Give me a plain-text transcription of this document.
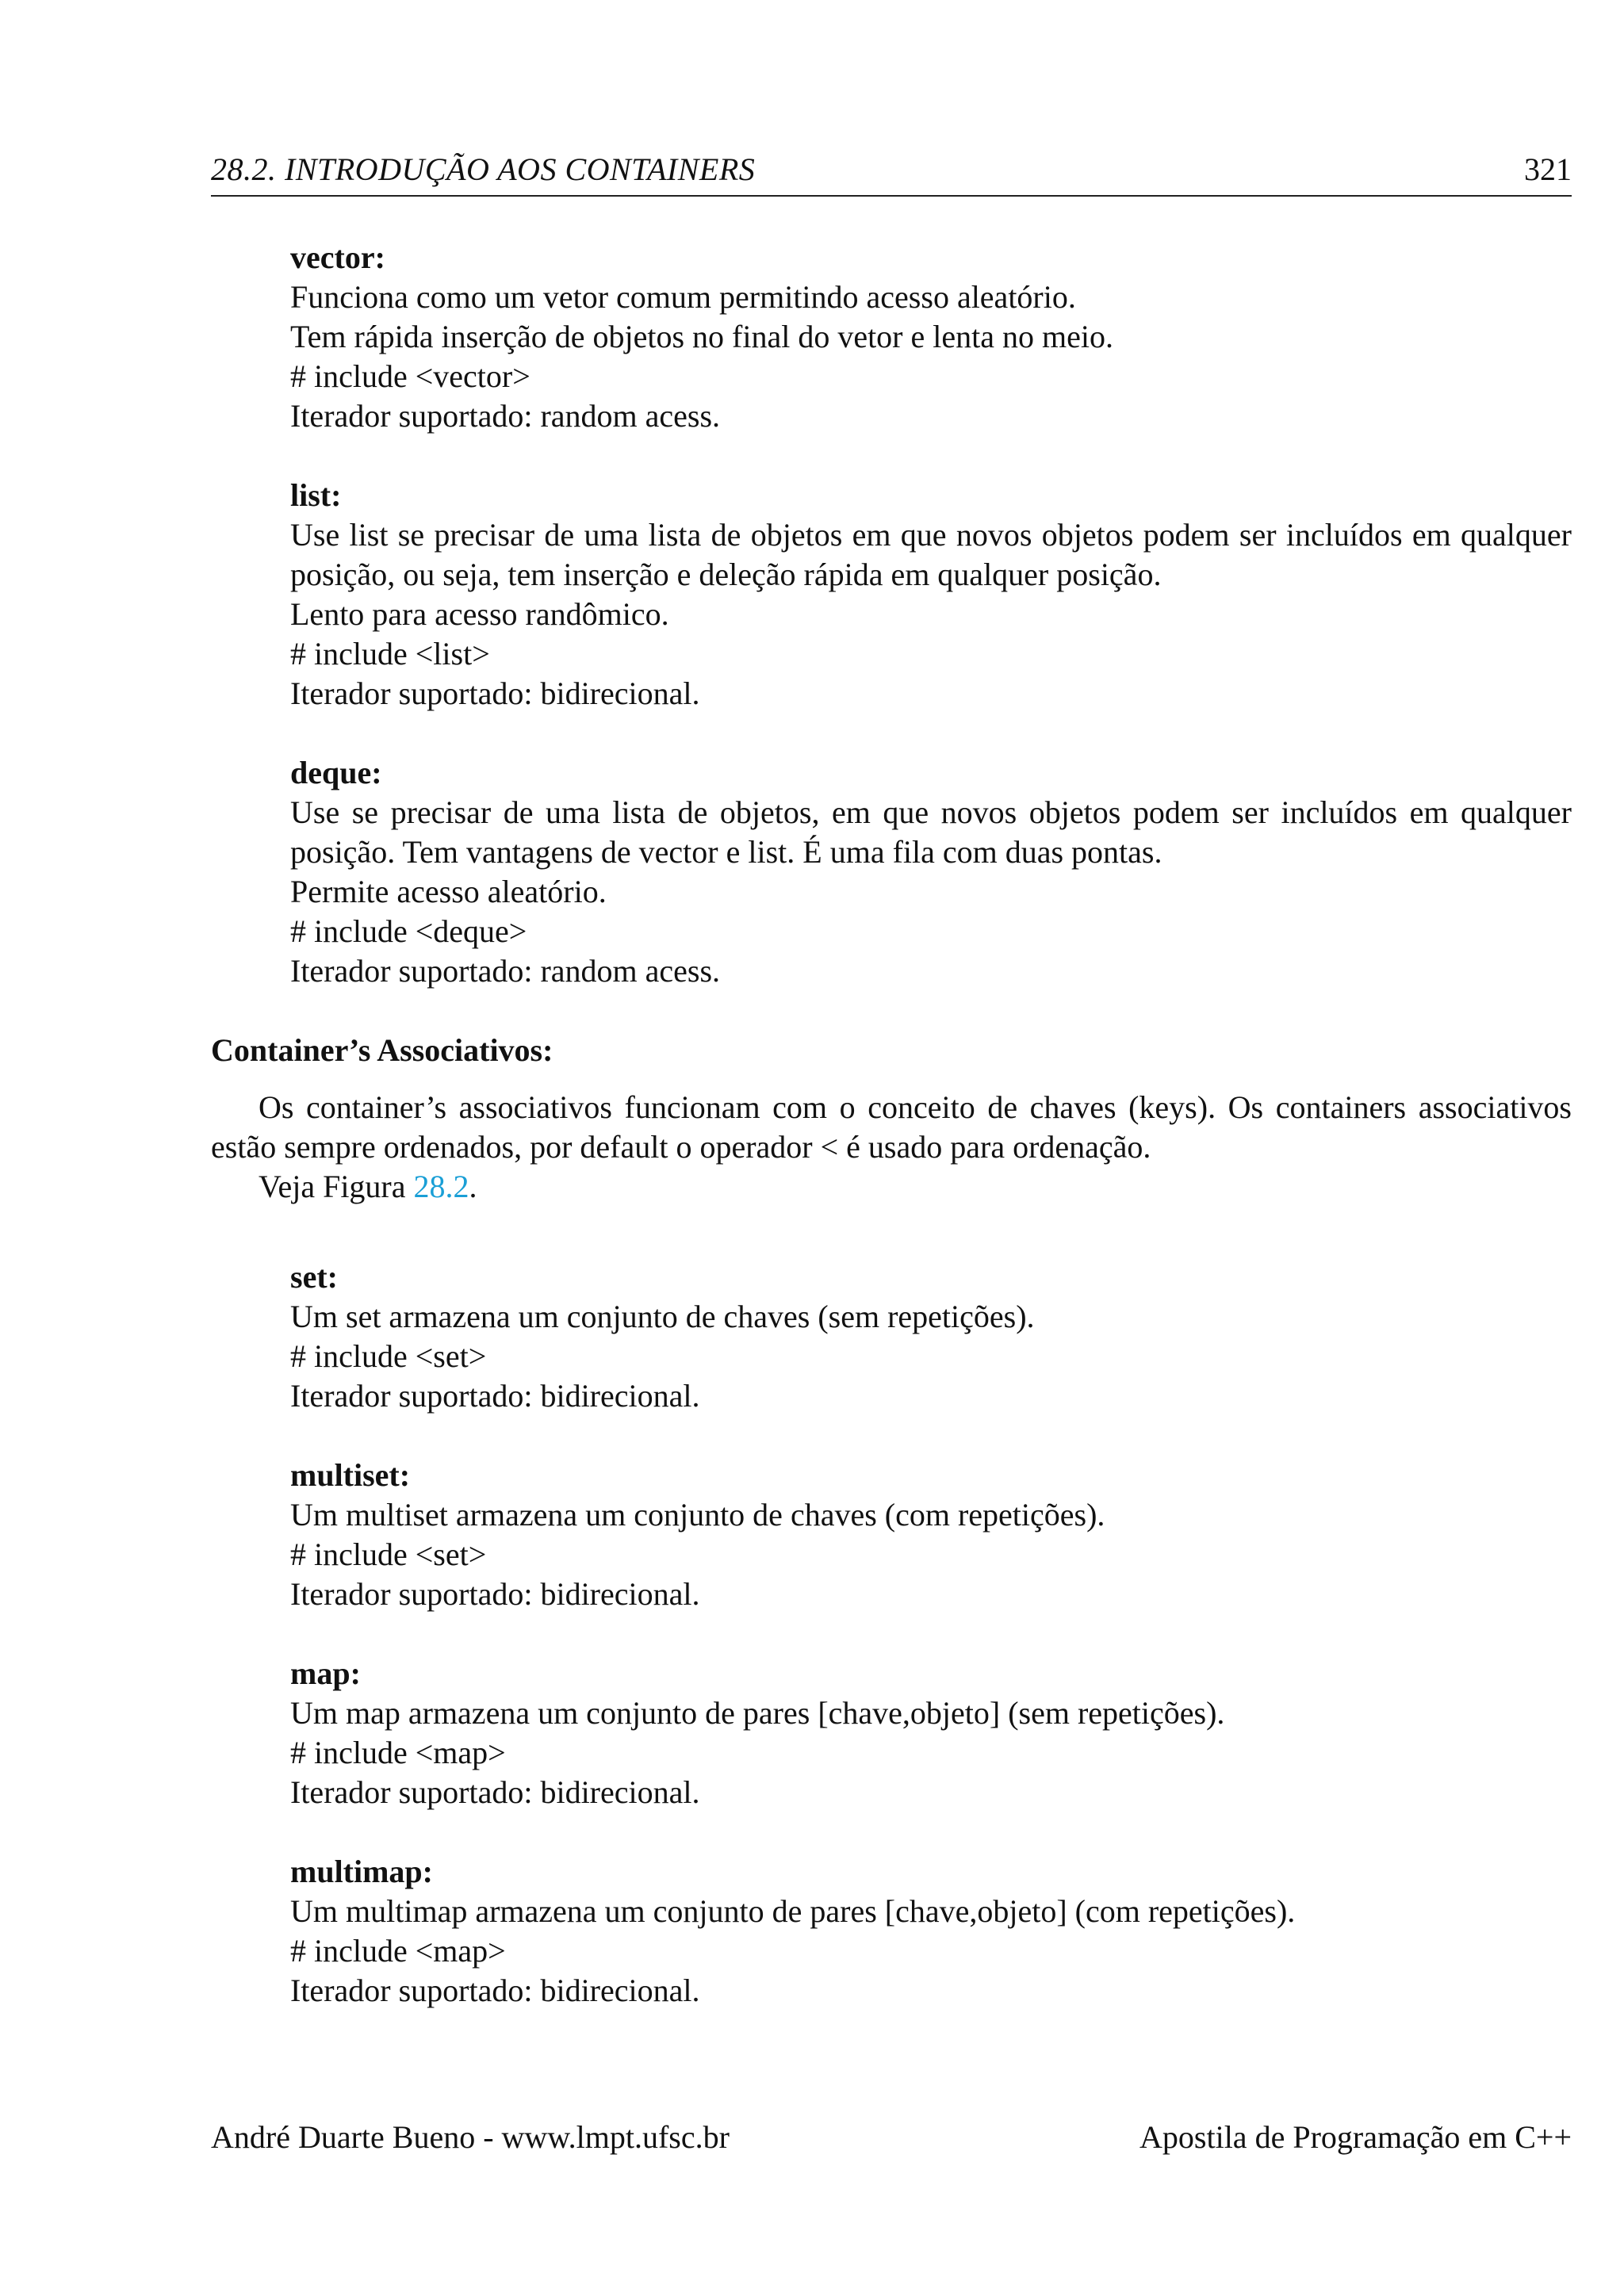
28.2. INTRODUÇÃO AOS CONTAINERS	321
vector:
Funciona como um vetor comum permitindo acesso aleatório.
Tem rápida inserção de objetos no final do vetor e lenta no meio.
# include <vector>
Iterador suportado: random acess.
list:
Use list se precisar de uma lista de objetos em que novos objetos podem ser incluídos em qualquer posição, ou seja, tem inserção e deleção rápida em qualquer posição.
Lento para acesso randômico.
# include <list>
Iterador suportado: bidirecional.
deque:
Use se precisar de uma lista de objetos, em que novos objetos podem ser incluídos em qualquer posição. Tem vantagens de vector e list. É uma fila com duas pontas.
Permite acesso aleatório.
# include <deque>
Iterador suportado: random acess.
Container’s Associativos:

Os container’s associativos funcionam com o conceito de chaves (keys). Os containers associativos estão sempre ordenados, por default o operador < é usado para ordenação.

Veja Figura 28.2.

set:
Um set armazena um conjunto de chaves (sem repetições).
# include <set>
Iterador suportado: bidirecional.
multiset:
Um multiset armazena um conjunto de chaves (com repetições).
# include <set>
Iterador suportado: bidirecional.
map:
Um map armazena um conjunto de pares [chave,objeto] (sem repetições).
# include <map>
Iterador suportado: bidirecional.
multimap:
Um multimap armazena um conjunto de pares [chave,objeto] (com repetições).
# include <map>
Iterador suportado: bidirecional.
André Duarte Bueno - www.lmpt.ufsc.br	Apostila de Programação em C++
